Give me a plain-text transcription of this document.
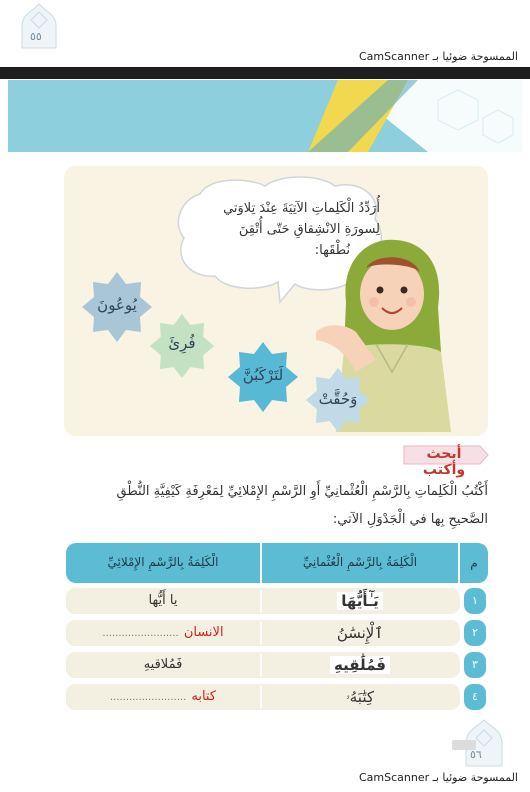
٥٥
الممسوحة ضوئيا بـ CamScanner
أُرَدِّدُ الْكَلِماتِ الآتِيَةَ عِنْدَ تِلاوَتي
لِسورَةِ الانْشِقاقِ حَتّى أُتْقِنَ
نُطْقَها:
يُوعُونَ
فُرِئَ
لَتَرْكَبُنَّ
وَحُقَّتْ
أبحث وأكتب
أَكْتُبُ الْكَلِماتِ بِالرَّسْمِ الْعُثْمانِيِّ أَوِ الرَّسْمِ الإِمْلائِيِّ لِمَعْرِفَةِ كَيْفِيَّةِ النُّطْقِ
الصَّحيحِ بِها في الْجَدْوَلِ الآتي:
م
الْكَلِمَةُ بِالرَّسْمِ الْعُثْمانِيِّ
الْكَلِمَةُ بِالرَّسْمِ الإِمْلائِيِّ
١
يَـٰٓأَيُّهَا
يا أَيُّها
٢
ٱلْإِنسَٰنُ
الانسان ........................
٣
فَمُلَٰقِيهِ
فَمُلاقيهِ
٤
كِتَٰبَهُۥ
كتابه ........................
٥٦
الممسوحة ضوئيا بـ CamScanner
